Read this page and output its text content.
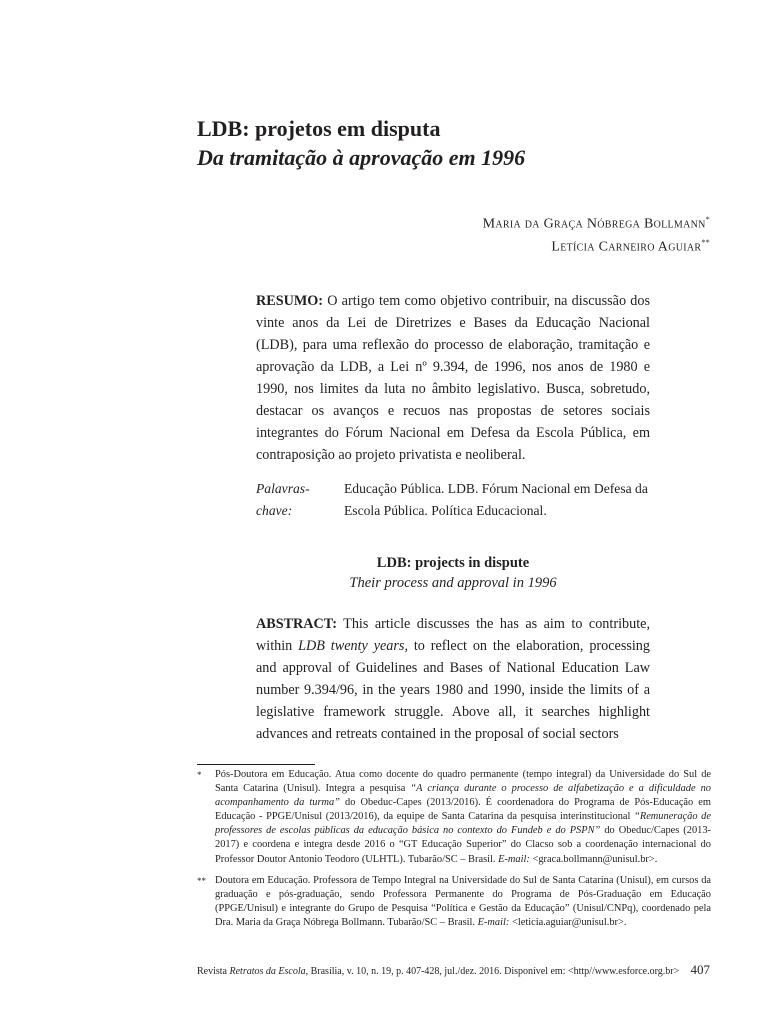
LDB: projetos em disputa
Da tramitação à aprovação em 1996
Maria da Graça Nóbrega Bollmann*
Letícia Carneiro Aguiar**

RESUMO: O artigo tem como objetivo contribuir, na discussão dos vinte anos da Lei de Diretrizes e Bases da Educação Nacional (LDB), para uma reflexão do processo de elaboração, tramitação e aprovação da LDB, a Lei nº 9.394, de 1996, nos anos de 1980 e 1990, nos limites da luta no âmbito legislativo. Busca, sobretudo, destacar os avanços e recuos nas propostas de setores sociais integrantes do Fórum Nacional em Defesa da Escola Pública, em contraposição ao projeto privatista e neoliberal.

Palavras-chave:Educação Pública. LDB. Fórum Nacional em Defesa da Escola Pública. Política Educacional.
LDB: projects in dispute
Their process and approval in 1996

ABSTRACT: This article discusses the has as aim to contribute, within LDB twenty years, to reflect on the elaboration, processing and approval of Guidelines and Bases of National Education Law number 9.394/96, in the years 1980 and 1990, inside the limits of a legislative framework struggle. Above all, it searches highlight advances and retreats contained in the proposal of social sectors

*	Pós-Doutora em Educação. Atua como docente do quadro permanente (tempo integral) da Universidade do Sul de Santa Catarina (Unisul). Integra a pesquisa “A criança durante o processo de alfabetização e a dificuldade no acompanhamento da turma” do Obeduc-Capes (2013/2016). É coordenadora do Programa de Pós-Educação em Educação - PPGE/Unisul (2013/2016), da equipe de Santa Catarina da pesquisa interinstitucional “Remuneração de professores de escolas públicas da educação básica no contexto do Fundeb e do PSPN” do Obeduc/Capes (2013-2017) e coordena e integra desde 2016 o “GT Educação Superior” do Clacso sob a coordenação internacional do Professor Doutor Antonio Teodoro (ULHTL). Tubarão/SC – Brasil. E-mail: <graca.bollmann@unisul.br>.
** Doutora em Educação. Professora de Tempo Integral na Universidade do Sul de Santa Catarina (Unisul), em cursos da graduação e pós-graduação, sendo Professora Permanente do Programa de Pós-Graduação em Educação (PPGE/Unisul) e integrante do Grupo de Pesquisa “Política e Gestão da Educação” (Unisul/CNPq), coordenado pela Dra. Maria da Graça Nóbrega Bollmann. Tubarão/SC – Brasil. E-mail: <leticia.aguiar@unisul.br>.
Revista Retratos da Escola, Brasília, v. 10, n. 19, p. 407-428, jul./dez. 2016. Disponível em: <http//www.esforce.org.br> 407
